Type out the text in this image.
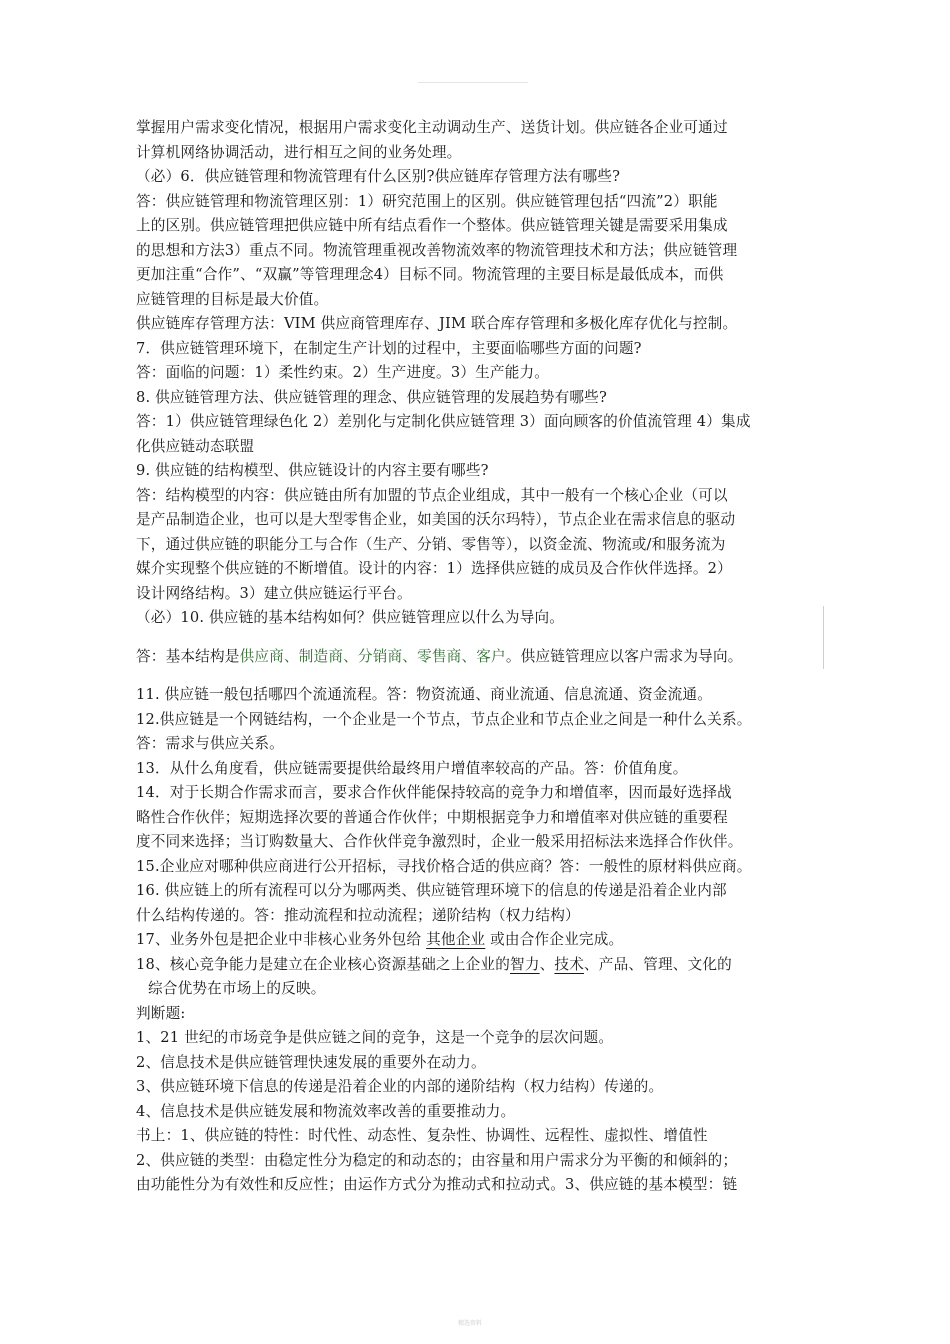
掌握用户需求变化情况，根据用户需求变化主动调动生产、送货计划。供应链各企业可通过

计算机网络协调活动，进行相互之间的业务处理。

（必）6．供应链管理和物流管理有什么区别?供应链库存管理方法有哪些?

答：供应链管理和物流管理区别：1）研究范围上的区别。供应链管理包括“四流”2）职能

上的区别。供应链管理把供应链中所有结点看作一个整体。供应链管理关键是需要采用集成

的思想和方法3）重点不同。物流管理重视改善物流效率的物流管理技术和方法；供应链管理

更加注重“合作”、“双赢”等管理理念4）目标不同。物流管理的主要目标是最低成本，而供

应链管理的目标是最大价值。

供应链库存管理方法：VIM 供应商管理库存、JIM 联合库存管理和多极化库存优化与控制。

7．供应链管理环境下，在制定生产计划的过程中，主要面临哪些方面的问题?

答：面临的问题：1）柔性约束。2）生产进度。3）生产能力。

8. 供应链管理方法、供应链管理的理念、供应链管理的发展趋势有哪些?

答：1）供应链管理绿色化 2）差别化与定制化供应链管理 3）面向顾客的价值流管理 4）集成

化供应链动态联盟

9. 供应链的结构模型、供应链设计的内容主要有哪些?

答：结构模型的内容：供应链由所有加盟的节点企业组成，其中一般有一个核心企业（可以

是产品制造企业，也可以是大型零售企业，如美国的沃尔玛特），节点企业在需求信息的驱动

下，通过供应链的职能分工与合作（生产、分销、零售等），以资金流、物流或/和服务流为

媒介实现整个供应链的不断增值。设计的内容：1）选择供应链的成员及合作伙伴选择。2）

设计网络结构。3）建立供应链运行平台。

（必）10. 供应链的基本结构如何？供应链管理应以什么为导向。

答：基本结构是供应商、制造商、分销商、零售商、客户。供应链管理应以客户需求为导向。

11. 供应链一般包括哪四个流通流程。答：物资流通、商业流通、信息流通、资金流通。

12.供应链是一个网链结构，一个企业是一个节点，节点企业和节点企业之间是一种什么关系。

答：需求与供应关系。

13．从什么角度看，供应链需要提供给最终用户增值率较高的产品。答：价值角度。

14．对于长期合作需求而言，要求合作伙伴能保持较高的竞争力和增值率，因而最好选择战

略性合作伙伴；短期选择次要的普通合作伙伴；中期根据竞争力和增值率对供应链的重要程

度不同来选择；当订购数量大、合作伙伴竞争激烈时，企业一般采用招标法来选择合作伙伴。

15.企业应对哪种供应商进行公开招标，寻找价格合适的供应商？答：一般性的原材料供应商。

16. 供应链上的所有流程可以分为哪两类、供应链管理环境下的信息的传递是沿着企业内部

什么结构传递的。答：推动流程和拉动流程；递阶结构（权力结构）

17、业务外包是把企业中非核心业务外包给 其他企业 或由合作企业完成。

18、核心竞争能力是建立在企业核心资源基础之上企业的智力、技术、产品、管理、文化的

综合优势在市场上的反映。

判断题:

1、21 世纪的市场竞争是供应链之间的竞争，这是一个竞争的层次问题。

2、信息技术是供应链管理快速发展的重要外在动力。

3、供应链环境下信息的传递是沿着企业的内部的递阶结构（权力结构）传递的。

4、信息技术是供应链发展和物流效率改善的重要推动力。

书上：1、供应链的特性：时代性、动态性、复杂性、协调性、远程性、虚拟性、增值性

2、供应链的类型：由稳定性分为稳定的和动态的；由容量和用户需求分为平衡的和倾斜的；

由功能性分为有效性和反应性；由运作方式分为推动式和拉动式。3、供应链的基本模型：链

精选资料
